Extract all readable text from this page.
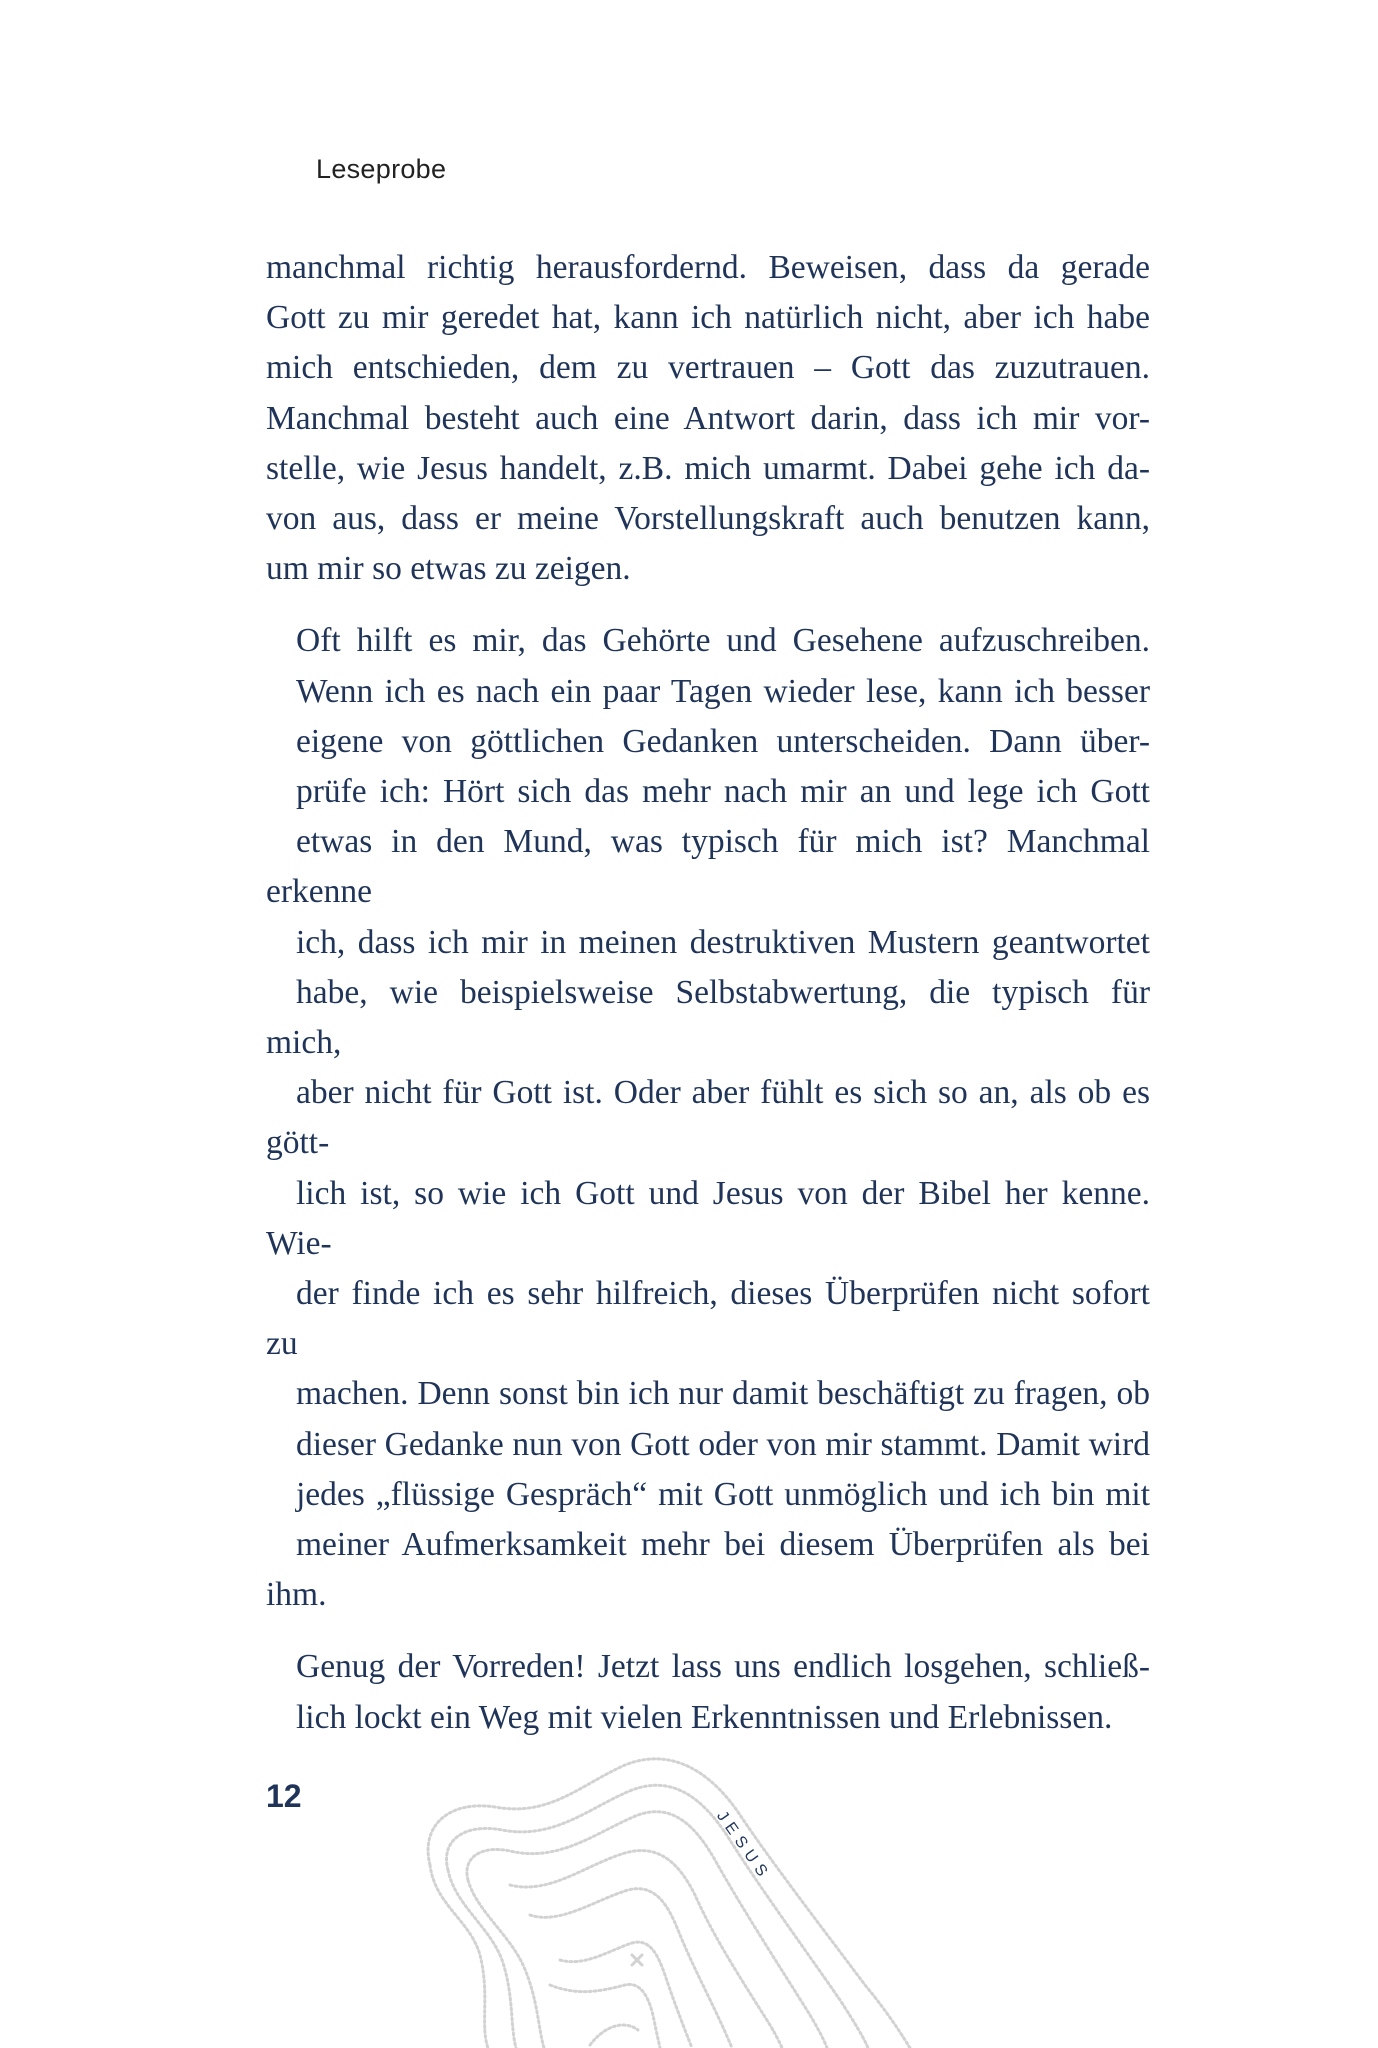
Leseprobe

manchmal richtig herausfordernd. Beweisen, dass da gerade
Gott zu mir geredet hat, kann ich natürlich nicht, aber ich habe
mich entschieden, dem zu vertrauen – Gott das zuzutrauen.
Manchmal besteht auch eine Antwort darin, dass ich mir vor-
stelle, wie Jesus handelt, z.B. mich umarmt. Dabei gehe ich da-
von aus, dass er meine Vorstellungskraft auch benutzen kann,
um mir so etwas zu zeigen.

Oft hilft es mir, das Gehörte und Gesehene aufzuschreiben.
Wenn ich es nach ein paar Tagen wieder lese, kann ich besser
eigene von göttlichen Gedanken unterscheiden. Dann über-
prüfe ich: Hört sich das mehr nach mir an und lege ich Gott
etwas in den Mund, was typisch für mich ist? Manchmal erkenne
ich, dass ich mir in meinen destruktiven Mustern geantwortet
habe, wie beispielsweise Selbstabwertung, die typisch für mich,
aber nicht für Gott ist. Oder aber fühlt es sich so an, als ob es gött-
lich ist, so wie ich Gott und Jesus von der Bibel her kenne. Wie-
der finde ich es sehr hilfreich, dieses Überprüfen nicht sofort zu
machen. Denn sonst bin ich nur damit beschäftigt zu fragen, ob
dieser Gedanke nun von Gott oder von mir stammt. Damit wird
jedes „flüssige Gespräch“ mit Gott unmöglich und ich bin mit
meiner Aufmerksamkeit mehr bei diesem Überprüfen als bei ihm.

Genug der Vorreden! Jetzt lass uns endlich losgehen, schließ-
lich lockt ein Weg mit vielen Erkenntnissen und Erlebnissen.

12
JESUS
